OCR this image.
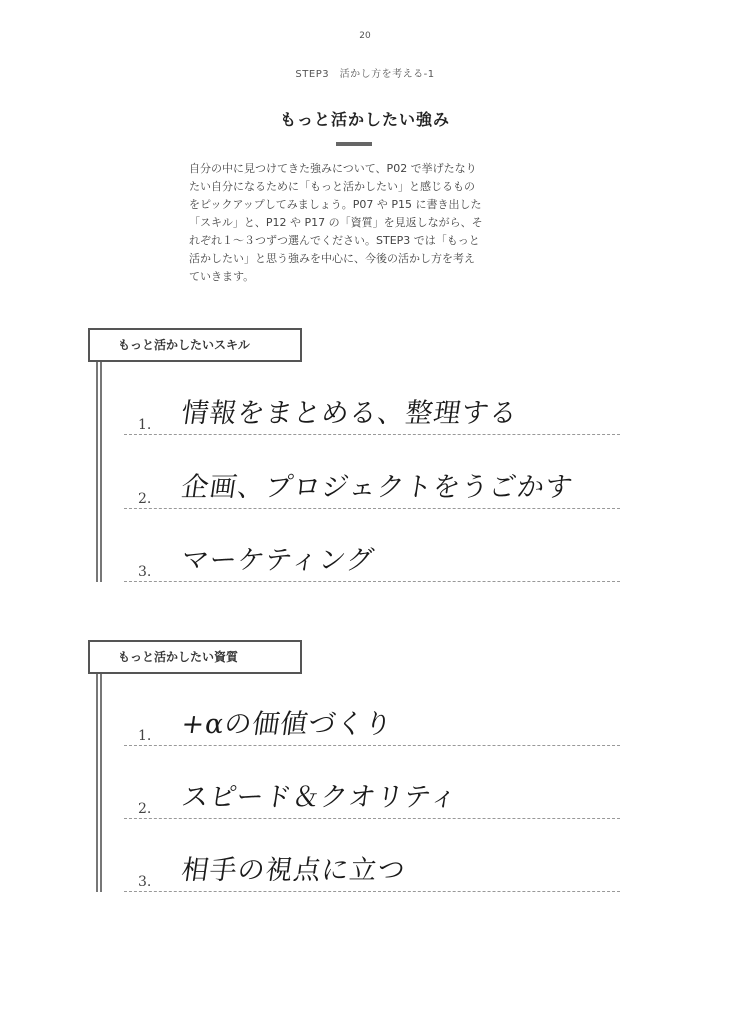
20
STEP3　活かし方を考える-1
もっと活かしたい強み
自分の中に見つけてきた強みについて、P02 で挙げたなり
たい自分になるために「もっと活かしたい」と感じるもの
をピックアップしてみましょう。P07 や P15 に書き出した
「スキル」と、P12 や P17 の「資質」を見返しながら、そ
れぞれ１～３つずつ選んでください。STEP3 では「もっと
活かしたい」と思う強みを中心に、今後の活かし方を考え
ていきます。
もっと活かしたいスキル
1. 情報をまとめる、整理する
2. 企画、プロジェクトをうごかす
3. マーケティング
もっと活かしたい資質
1. +αの価値づくり
2. スピード＆クオリティ
3. 相手の視点に立つ
